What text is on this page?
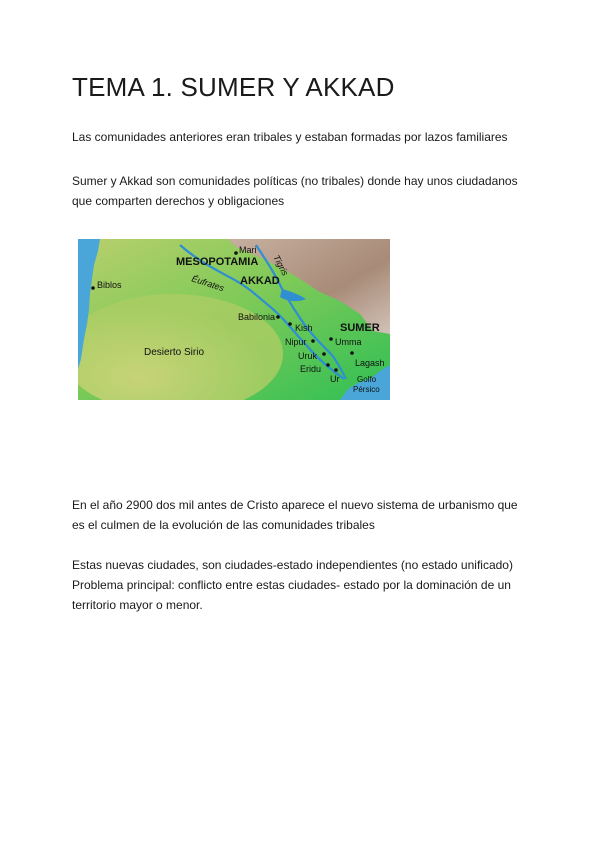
TEMA 1. SUMER Y AKKAD

Las comunidades anteriores eran tribales y estaban formadas por lazos familiares

Sumer y Akkad son comunidades políticas (no tribales) donde hay unos ciudadanos
que comparten derechos y obligaciones

MESOPOTAMIA
AKKAD
SUMER
Desierto Sirio
Éufrates
Tigris
Biblos
Mari
Babilonia
Kish
Nipur	Umma
Uruk
Lagash
Eridu
Ur Golfo
Pérsico

En el año 2900 dos mil antes de Cristo aparece el nuevo sistema de urbanismo que
es el culmen de la evolución de las comunidades tribales

Estas nuevas ciudades, son ciudades-estado independientes (no estado unificado)
Problema principal: conflicto entre estas ciudades- estado por la dominación de un
territorio mayor o menor.
